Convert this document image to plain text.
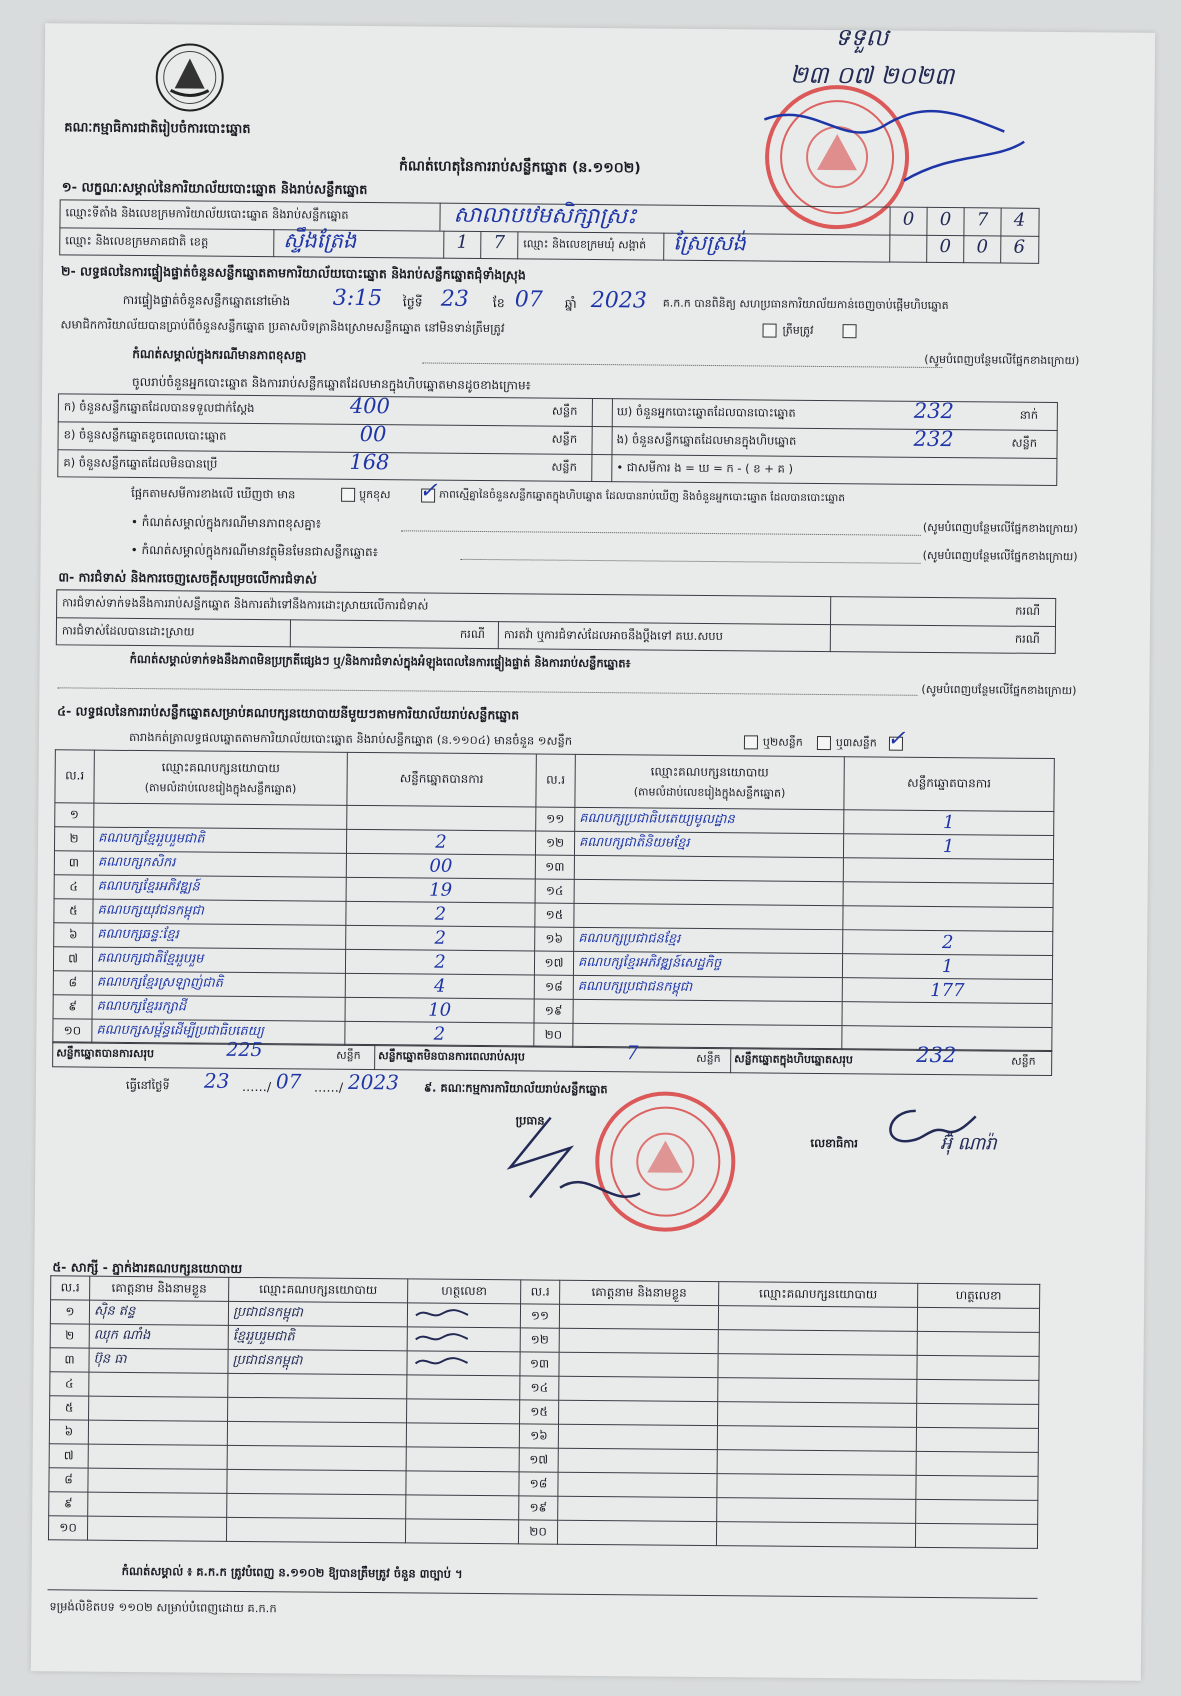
គណៈកម្មាធិការជាតិរៀបចំការបោះឆ្នោត
កំណត់ហេតុនៃការរាប់សន្លឹកឆ្នោត (ន.១១០២)
ទទួល
២៣ ០៧ ២០២៣
១- លក្ខណៈសម្គាល់នៃការិយាល័យបោះឆ្នោត និងរាប់សន្លឹកឆ្នោត
ឈ្មោះទីតាំង និងលេខក្រមការិយាល័យបោះឆ្នោត និងរាប់សន្លឹកឆ្នោត	សាលាបឋមសិក្សាស្រះ	0	0	7	4
ឈ្មោះ និងលេខក្រមភាគជាតិ ខេត្ត	ស្ទឹងត្រែង	1	7	ឈ្មោះ និងលេខក្រមឃុំ សង្កាត់ ស្រែស្រង់	0	0	6
២- លទ្ធផលនៃការផ្ទៀងផ្ទាត់ចំនួនសន្លឹកឆ្នោតតាមការិយាល័យបោះឆ្នោត និងរាប់សន្លឹកឆ្នោតជុំទាំងស្រុង
ការផ្ទៀងផ្ទាត់ចំនួនសន្លឹកឆ្នោតនៅម៉ោង 3:15 ថ្ងៃទី 23 ខែ 07 ឆ្នាំ 2023 គ.ក.ក បានពិនិត្យ សហប្រធានការិយាល័យកាន់ចេញចាប់ផ្តើមហិបឆ្នោត
សមាជិកការិយាល័យបានប្រាប់ពីចំនួនសន្លឹកឆ្នោត ប្រតាសបិទត្រានិងស្រោមសន្លឹកឆ្នោត នៅមិនទាន់ត្រឹមត្រូវ	ត្រឹមត្រូវ
កំណត់សម្គាល់ក្នុងករណីមានភាពខុសគ្នា	(សូមបំពេញបន្ថែមលើផ្នែកខាងក្រោយ)
ចូលរាប់ចំនួនអ្នកបោះឆ្នោត និងការរាប់សន្លឹកឆ្នោតដែលមានក្នុងហិបឆ្នោតមានដូចខាងក្រោម៖
ក) ចំនួនសន្លឹកឆ្នោតដែលបានទទួលជាក់ស្តែង	400	សន្លឹក	ឃ) ចំនួនអ្នកបោះឆ្នោតដែលបានបោះឆ្នោត	232	នាក់
ខ) ចំនួនសន្លឹកឆ្នោតខូចពេលបោះឆ្នោត	00	សន្លឹក	ង) ចំនួនសន្លឹកឆ្នោតដែលមានក្នុងហិបឆ្នោត	232	សន្លឹក
គ) ចំនួនសន្លឹកឆ្នោតដែលមិនបានប្រើ	168	សន្លឹក	• ជាសមីការ ង = ឃ = ក - ( ខ + គ )
ផ្អែកតាមសមីការខាងលើ ឃើញថា មាន	ប្លុកខុស ✓ ភាពស្មើគ្នានៃចំនួនសន្លឹកឆ្នោតក្នុងហិបឆ្នោត ដែលបានរាប់ឃើញ និងចំនួនអ្នកបោះឆ្នោត ដែលបានបោះឆ្នោត
• កំណត់សម្គាល់ក្នុងករណីមានភាពខុសគ្នា៖	(សូមបំពេញបន្ថែមលើផ្នែកខាងក្រោយ)
• កំណត់សម្គាល់ក្នុងករណីមានវត្ថុមិនមែនជាសន្លឹកឆ្នោត៖	(សូមបំពេញបន្ថែមលើផ្នែកខាងក្រោយ)
៣- ការជំទាស់ និងការចេញសេចក្តីសម្រេចលើការជំទាស់
ការជំទាស់ទាក់ទងនឹងការរាប់សន្លឹកឆ្នោត និងការតវ៉ាទៅនឹងការដោះស្រាយលើការជំទាស់	ករណី
ការជំទាស់ដែលបានដោះស្រាយ	ករណី ការតវ៉ា ឬការជំទាស់ដែលអាចនឹងប្តឹងទៅ គឃ.សបប	ករណី
កំណត់សម្គាល់ទាក់ទងនឹងភាពមិនប្រក្រតីផ្សេងៗ ឬ/និងការជំទាស់ក្នុងអំឡុងពេលនៃការផ្ទៀងផ្ទាត់ និងការរាប់សន្លឹកឆ្នោត៖
(សូមបំពេញបន្ថែមលើផ្នែកខាងក្រោយ)
៤- លទ្ធផលនៃការរាប់សន្លឹកឆ្នោតសម្រាប់គណបក្សនយោបាយនីមួយៗតាមការិយាល័យរាប់សន្លឹកឆ្នោត
តារាងកត់ត្រាលទ្ធផលឆ្នោតតាមការិយាល័យបោះឆ្នោត និងរាប់សន្លឹកឆ្នោត (ន.១១០៤) មានចំនួន ១សន្លឹក	ឬ២សន្លឹក	ឬ៣សន្លឹក ✓
ល.រ	ឈ្មោះគណបក្សនយោបាយ
(តាមលំដាប់លេខរៀងក្នុងសន្លឹកឆ្នោត)	សន្លឹកឆ្នោតបានការ	ល.រ	ឈ្មោះគណបក្សនយោបាយ
(តាមលំដាប់លេខរៀងក្នុងសន្លឹកឆ្នោត)	សន្លឹកឆ្នោតបានការ
១			១១	គណបក្សប្រជាធិបតេយ្យមូលដ្ឋាន	1
២	គណបក្សខ្មែររួបរួមជាតិ	2	១២	គណបក្សជាតិនិយមខ្មែរ	1
៣	គណបក្សកសិករ	00	១៣		
៤	គណបក្សខ្មែរអភិវឌ្ឍន៍	19	១៤		
៥	គណបក្សយុវជនកម្ពុជា	2	១៥		
៦	គណបក្សឆន្ទៈខ្មែរ	2	១៦	គណបក្សប្រជាជនខ្មែរ	2
៧	គណបក្សជាតិខ្មែររួបរួម	2	១៧	គណបក្សខ្មែរអភិវឌ្ឍន៍សេដ្ឋកិច្ច	1
៨	គណបក្សខ្មែរស្រឡាញ់ជាតិ	4	១៨	គណបក្សប្រជាជនកម្ពុជា	177
៩	គណបក្សខ្មែររក្សាដី	10	១៩		
១០	គណបក្សសម្ព័ន្ធដើម្បីប្រជាធិបតេយ្យ	2	២០		
សន្លឹកឆ្នោតបានការសរុប	225	សន្លឹក សន្លឹកឆ្នោតមិនបានការពេលរាប់សរុប	7	សន្លឹក សន្លឹកឆ្នោតក្នុងហិបឆ្នោតសរុប	232	សន្លឹក
ធ្វើនៅថ្ងៃទី 23 ……/ 07 ……/ 2023 ៩. គណៈកម្មការការិយាល័យរាប់សន្លឹកឆ្នោត
ប្រធាន
លេខាធិការ	អ៊ុំ ណារ៉ា
៥- សាក្សី - ភ្នាក់ងារគណបក្សនយោបាយ
ល.រ	គោត្តនាម និងនាមខ្លួន	ឈ្មោះគណបក្សនយោបាយ	ហត្ថលេខា	ល.រ	គោត្តនាម និងនាមខ្លួន	ឈ្មោះគណបក្សនយោបាយ	ហត្ថលេខា
១	ស៊ិន ឥន្ទ	ប្រជាជនកម្ពុជា		១១			
២	ឈុក ណាំង	ខ្មែររួបរួមជាតិ		១២			
៣	ប៊ុន ធា	ប្រជាជនកម្ពុជា		១៣			
៤				១៤			
៥				១៥			
៦				១៦			
៧				១៧			
៨				១៨			
៩				១៩			
១០				២០			
កំណត់សម្គាល់ ៖ គ.ក.ក ត្រូវបំពេញ ន.១១០២ ឱ្យបានត្រឹមត្រូវ ចំនួន ៣ច្បាប់ ។
ទម្រង់លិខិតបទ ១១០២ សម្រាប់បំពេញដោយ គ.ក.ក
